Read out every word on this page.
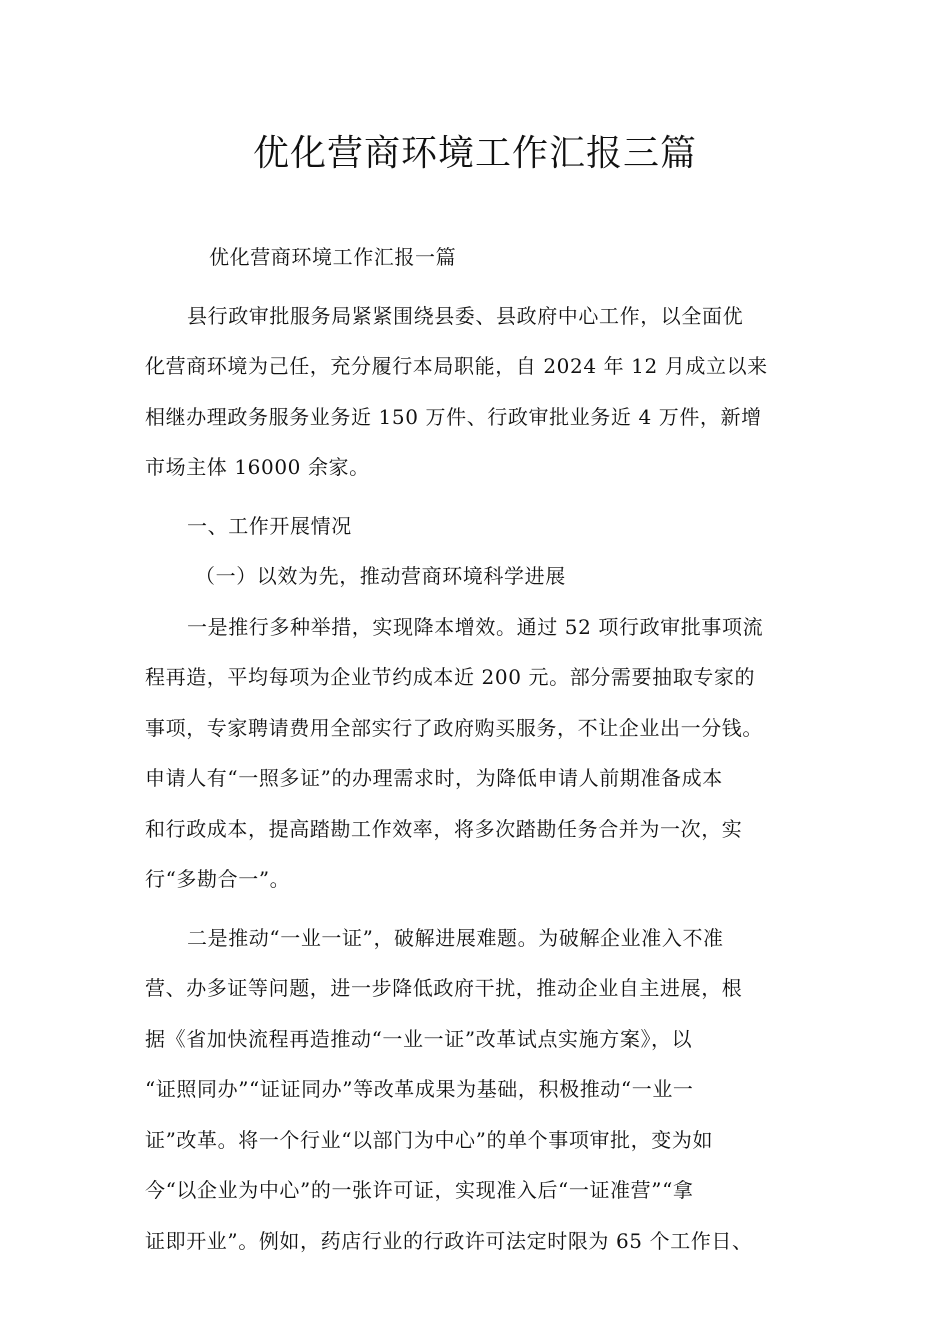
优化营商环境工作汇报三篇
优化营商环境工作汇报一篇
县行政审批服务局紧紧围绕县委、县政府中心工作，以全面优
化营商环境为己任，充分履行本局职能，自 2024 年 12 月成立以来
相继办理政务服务业务近 150 万件、行政审批业务近 4 万件，新增
市场主体 16000 余家。
一、工作开展情况
（一）以效为先，推动营商环境科学进展
一是推行多种举措，实现降本增效。通过 52 项行政审批事项流
程再造，平均每项为企业节约成本近 200 元。部分需要抽取专家的
事项，专家聘请费用全部实行了政府购买服务，不让企业出一分钱。
申请人有“一照多证”的办理需求时，为降低申请人前期准备成本
和行政成本，提高踏勘工作效率，将多次踏勘任务合并为一次，实
行“多勘合一”。
二是推动“一业一证”，破解进展难题。为破解企业准入不准
营、办多证等问题，进一步降低政府干扰，推动企业自主进展，根
据《省加快流程再造推动“一业一证”改革试点实施方案》，以
“证照同办”“证证同办”等改革成果为基础，积极推动“一业一
证”改革。将一个行业“以部门为中心”的单个事项审批，变为如
今“以企业为中心”的一张许可证，实现准入后“一证准营”“拿
证即开业”。例如，药店行业的行政许可法定时限为 65 个工作日、
